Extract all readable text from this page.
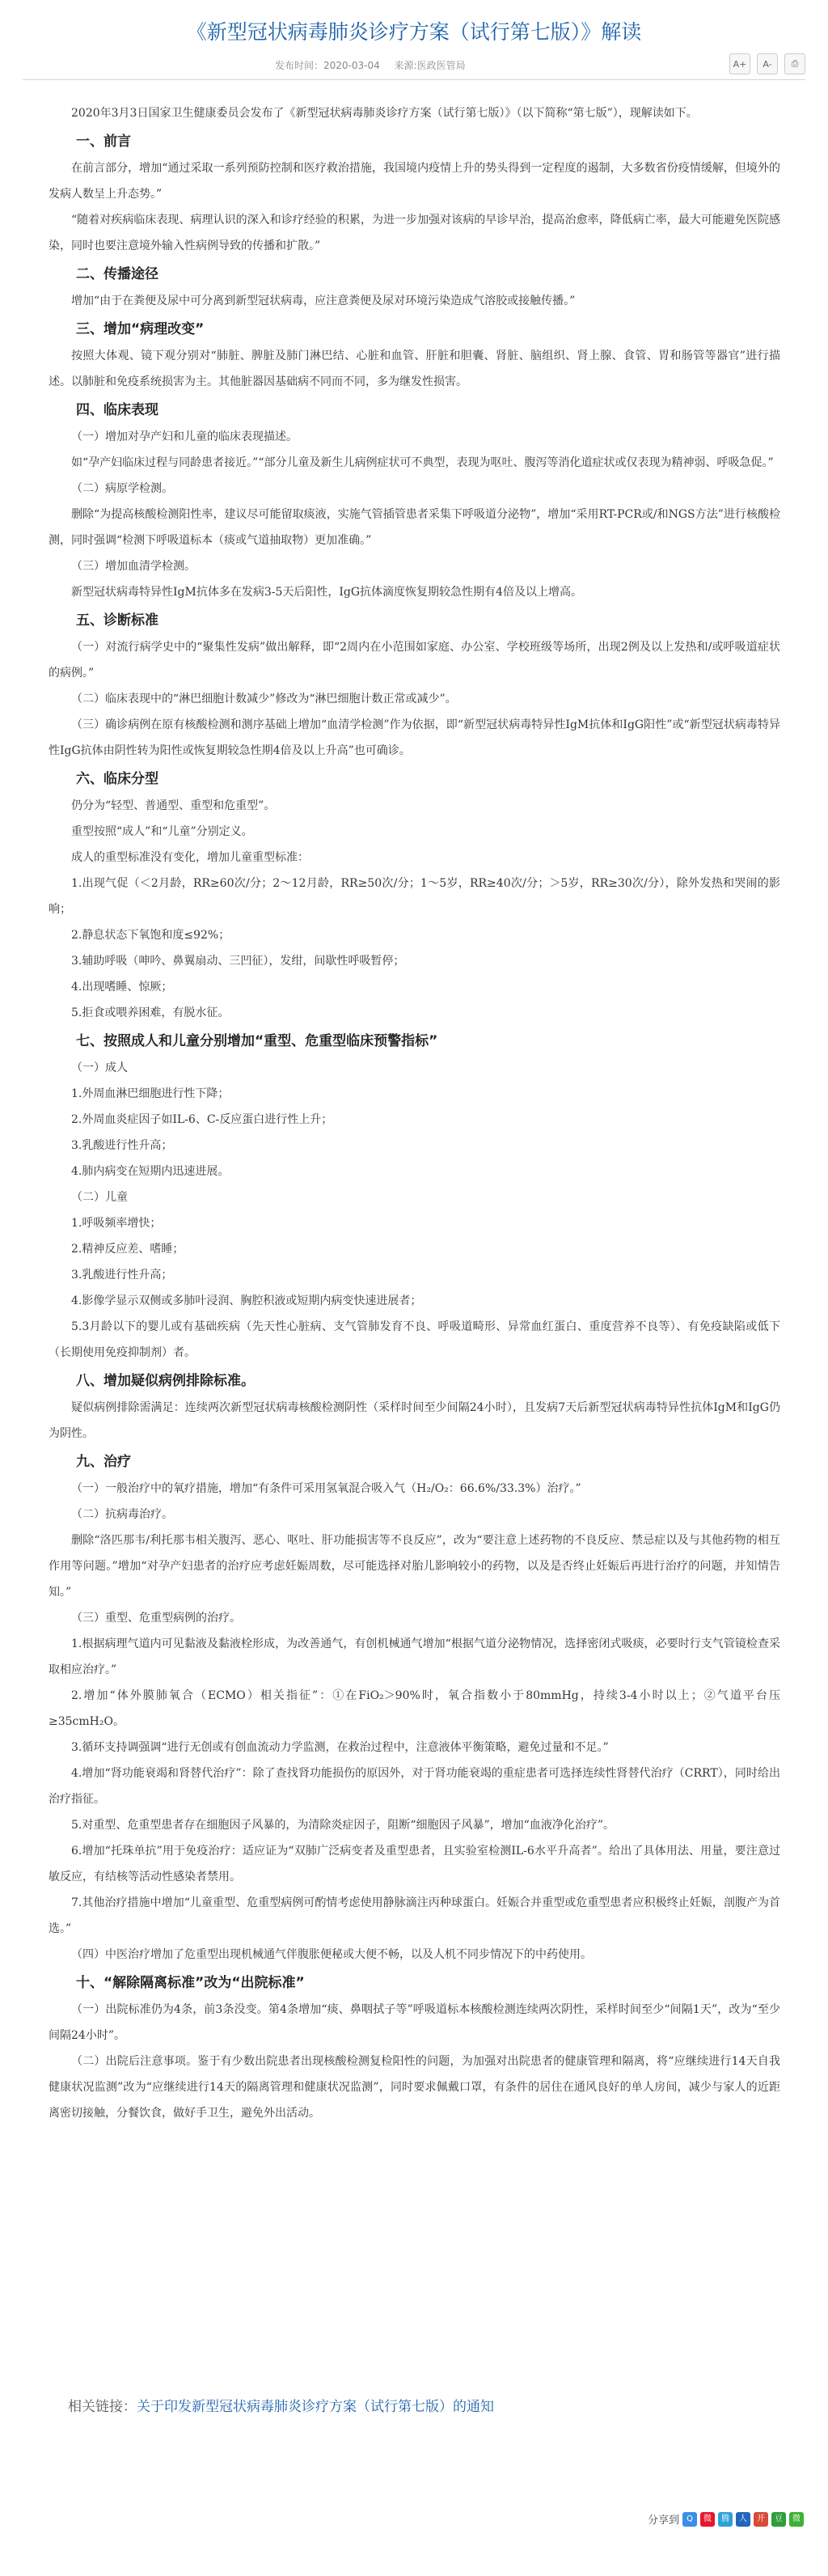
《新型冠状病毒肺炎诊疗方案（试行第七版）》解读
发布时间：2020-03-04 来源:医政医管局	A+	A-	⎙

2020年3月3日国家卫生健康委员会发布了《新型冠状病毒肺炎诊疗方案（试行第七版）》（以下简称“第七版”），现解读如下。

一、前言

在前言部分，增加“通过采取一系列预防控制和医疗救治措施，我国境内疫情上升的势头得到一定程度的遏制，大多数省份疫情缓解，但境外的发病人数呈上升态势。”

“随着对疾病临床表现、病理认识的深入和诊疗经验的积累，为进一步加强对该病的早诊早治，提高治愈率，降低病亡率，最大可能避免医院感染，同时也要注意境外输入性病例导致的传播和扩散。”

二、传播途径

增加“由于在粪便及尿中可分离到新型冠状病毒，应注意粪便及尿对环境污染造成气溶胶或接触传播。”

三、增加“病理改变”

按照大体观、镜下观分别对“肺脏、脾脏及肺门淋巴结、心脏和血管、肝脏和胆囊、肾脏、脑组织、肾上腺、食管、胃和肠管等器官”进行描述。以肺脏和免疫系统损害为主。其他脏器因基础病不同而不同，多为继发性损害。

四、临床表现

（一）增加对孕产妇和儿童的临床表现描述。

如“孕产妇临床过程与同龄患者接近。”“部分儿童及新生儿病例症状可不典型，表现为呕吐、腹泻等消化道症状或仅表现为精神弱、呼吸急促。”

（二）病原学检测。

删除“为提高核酸检测阳性率，建议尽可能留取痰液，实施气管插管患者采集下呼吸道分泌物”，增加“采用RT-PCR或/和NGS方法”进行核酸检测，同时强调“检测下呼吸道标本（痰或气道抽取物）更加准确。”

（三）增加血清学检测。

新型冠状病毒特异性IgM抗体多在发病3-5天后阳性，IgG抗体滴度恢复期较急性期有4倍及以上增高。

五、诊断标准

（一）对流行病学史中的“聚集性发病”做出解释，即“2周内在小范围如家庭、办公室、学校班级等场所，出现2例及以上发热和/或呼吸道症状的病例。”

（二）临床表现中的“淋巴细胞计数减少”修改为“淋巴细胞计数正常或减少”。

（三）确诊病例在原有核酸检测和测序基础上增加“血清学检测”作为依据，即“新型冠状病毒特异性IgM抗体和IgG阳性”或“新型冠状病毒特异性IgG抗体由阴性转为阳性或恢复期较急性期4倍及以上升高”也可确诊。

六、临床分型

仍分为“轻型、普通型、重型和危重型”。

重型按照“成人”和“儿童”分别定义。

成人的重型标准没有变化，增加儿童重型标准：

1.出现气促（＜2月龄，RR≥60次/分；2～12月龄，RR≥50次/分；1～5岁，RR≥40次/分；＞5岁，RR≥30次/分），除外发热和哭闹的影响；

2.静息状态下氧饱和度≤92%；

3.辅助呼吸（呻吟、鼻翼扇动、三凹征），发绀，间歇性呼吸暂停；

4.出现嗜睡、惊厥；

5.拒食或喂养困难，有脱水征。

七、按照成人和儿童分别增加“重型、危重型临床预警指标”

（一）成人

1.外周血淋巴细胞进行性下降；

2.外周血炎症因子如IL-6、C-反应蛋白进行性上升；

3.乳酸进行性升高；

4.肺内病变在短期内迅速进展。

（二）儿童

1.呼吸频率增快；

2.精神反应差、嗜睡；

3.乳酸进行性升高；

4.影像学显示双侧或多肺叶浸润、胸腔积液或短期内病变快速进展者；

5.3月龄以下的婴儿或有基础疾病（先天性心脏病、支气管肺发育不良、呼吸道畸形、异常血红蛋白、重度营养不良等）、有免疫缺陷或低下（长期使用免疫抑制剂）者。

八、增加疑似病例排除标准。

疑似病例排除需满足：连续两次新型冠状病毒核酸检测阴性（采样时间至少间隔24小时），且发病7天后新型冠状病毒特异性抗体IgM和IgG仍为阴性。

九、治疗

（一）一般治疗中的氧疗措施，增加“有条件可采用氢氧混合吸入气（H₂/O₂：66.6%/33.3%）治疗。”

（二）抗病毒治疗。

删除“洛匹那韦/利托那韦相关腹泻、恶心、呕吐、肝功能损害等不良反应”，改为“要注意上述药物的不良反应、禁忌症以及与其他药物的相互作用等问题。”增加“对孕产妇患者的治疗应考虑妊娠周数，尽可能选择对胎儿影响较小的药物，以及是否终止妊娠后再进行治疗的问题，并知情告知。”

（三）重型、危重型病例的治疗。

1.根据病理气道内可见黏液及黏液栓形成，为改善通气，有创机械通气增加“根据气道分泌物情况，选择密闭式吸痰，必要时行支气管镜检查采取相应治疗。”

2.增加“体外膜肺氧合（ECMO）相关指征”：①在FiO₂＞90%时，氧合指数小于80mmHg，持续3-4小时以上；②气道平台压≥35cmH₂O。

3.循环支持调强调“进行无创或有创血流动力学监测，在救治过程中，注意液体平衡策略，避免过量和不足。”

4.增加“肾功能衰竭和肾替代治疗”：除了查找肾功能损伤的原因外，对于肾功能衰竭的重症患者可选择连续性肾替代治疗（CRRT），同时给出治疗指征。

5.对重型、危重型患者存在细胞因子风暴的，为清除炎症因子，阻断“细胞因子风暴”，增加“血液净化治疗”。

6.增加“托珠单抗”用于免疫治疗：适应证为“双肺广泛病变者及重型患者，且实验室检测IL-6水平升高者”。给出了具体用法、用量，要注意过敏反应，有结核等活动性感染者禁用。

7.其他治疗措施中增加“儿童重型、危重型病例可酌情考虑使用静脉滴注丙种球蛋白。妊娠合并重型或危重型患者应积极终止妊娠，剖腹产为首选。”

（四）中医治疗增加了危重型出现机械通气伴腹胀便秘或大便不畅，以及人机不同步情况下的中药使用。

十、“解除隔离标准”改为“出院标准”

（一）出院标准仍为4条，前3条没变。第4条增加“痰、鼻咽拭子等”呼吸道标本核酸检测连续两次阴性，采样时间至少“间隔1天”，改为“至少间隔24小时”。

（二）出院后注意事项。鉴于有少数出院患者出现核酸检测复检阳性的问题，为加强对出院患者的健康管理和隔离，将“应继续进行14天自我健康状况监测”改为“应继续进行14天的隔离管理和健康状况监测”，同时要求佩戴口罩，有条件的居住在通风良好的单人房间，减少与家人的近距离密切接触，分餐饮食，做好手卫生，避免外出活动。

相关链接：关于印发新型冠状病毒肺炎诊疗方案（试行第七版）的通知
分享到 Q	微	腾	人	开	豆	微
